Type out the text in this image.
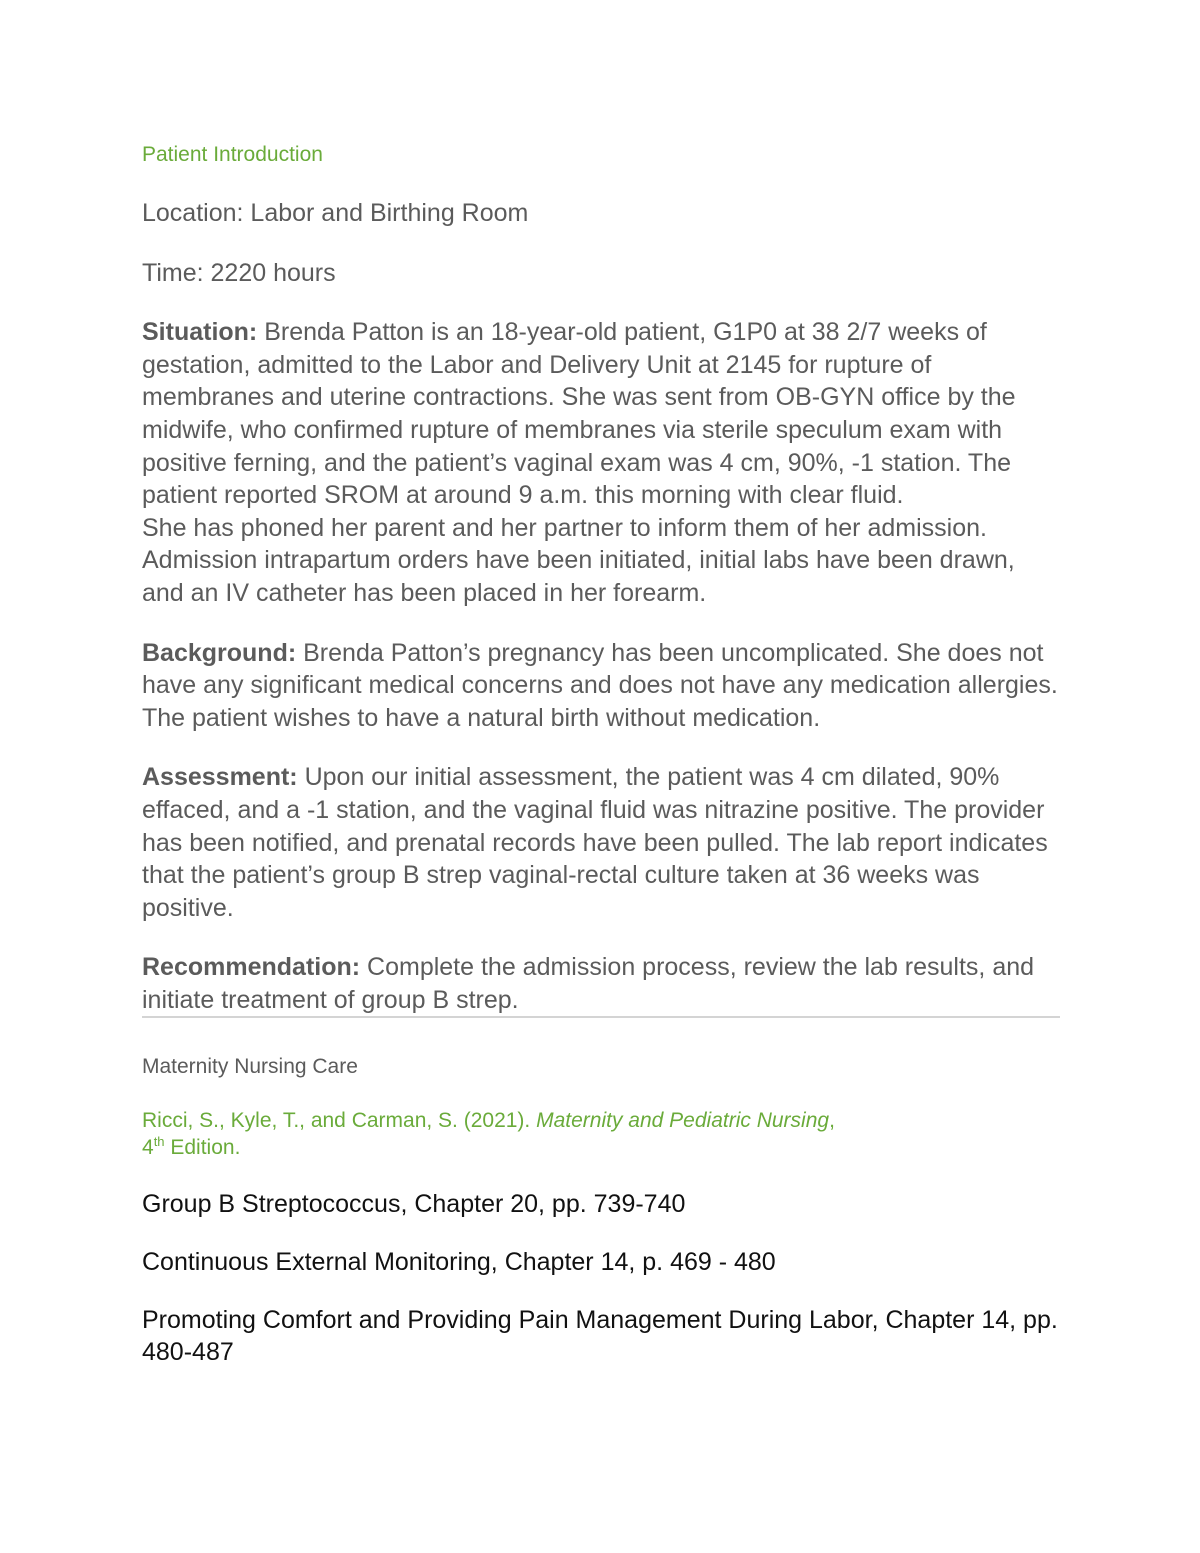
Patient Introduction

Location: Labor and Birthing Room

Time: 2220 hours

Situation: Brenda Patton is an 18-year-old patient, G1P0 at 38 2/7 weeks of gestation, admitted to the Labor and Delivery Unit at 2145 for rupture of membranes and uterine contractions. She was sent from OB-GYN office by the midwife, who confirmed rupture of membranes via sterile speculum exam with positive ferning, and the patient’s vaginal exam was 4 cm, 90%, -1 station. The patient reported SROM at around 9 a.m. this morning with clear fluid.
She has phoned her parent and her partner to inform them of her admission. Admission intrapartum orders have been initiated, initial labs have been drawn, and an IV catheter has been placed in her forearm.

Background: Brenda Patton’s pregnancy has been uncomplicated. She does not have any significant medical concerns and does not have any medication allergies. The patient wishes to have a natural birth without medication.

Assessment: Upon our initial assessment, the patient was 4 cm dilated, 90% effaced, and a -1 station, and the vaginal fluid was nitrazine positive. The provider has been notified, and prenatal records have been pulled. The lab report indicates that the patient’s group B strep vaginal-rectal culture taken at 36 weeks was positive.

Recommendation: Complete the admission process, review the lab results, and initiate treatment of group B strep.

Maternity Nursing Care

Ricci, S., Kyle, T., and Carman, S. (2021). Maternity and Pediatric Nursing,
4th Edition.

Group B Streptococcus, Chapter 20, pp. 739-740

Continuous External Monitoring, Chapter 14, p. 469 - 480

Promoting Comfort and Providing Pain Management During Labor, Chapter 14, pp. 480-487
